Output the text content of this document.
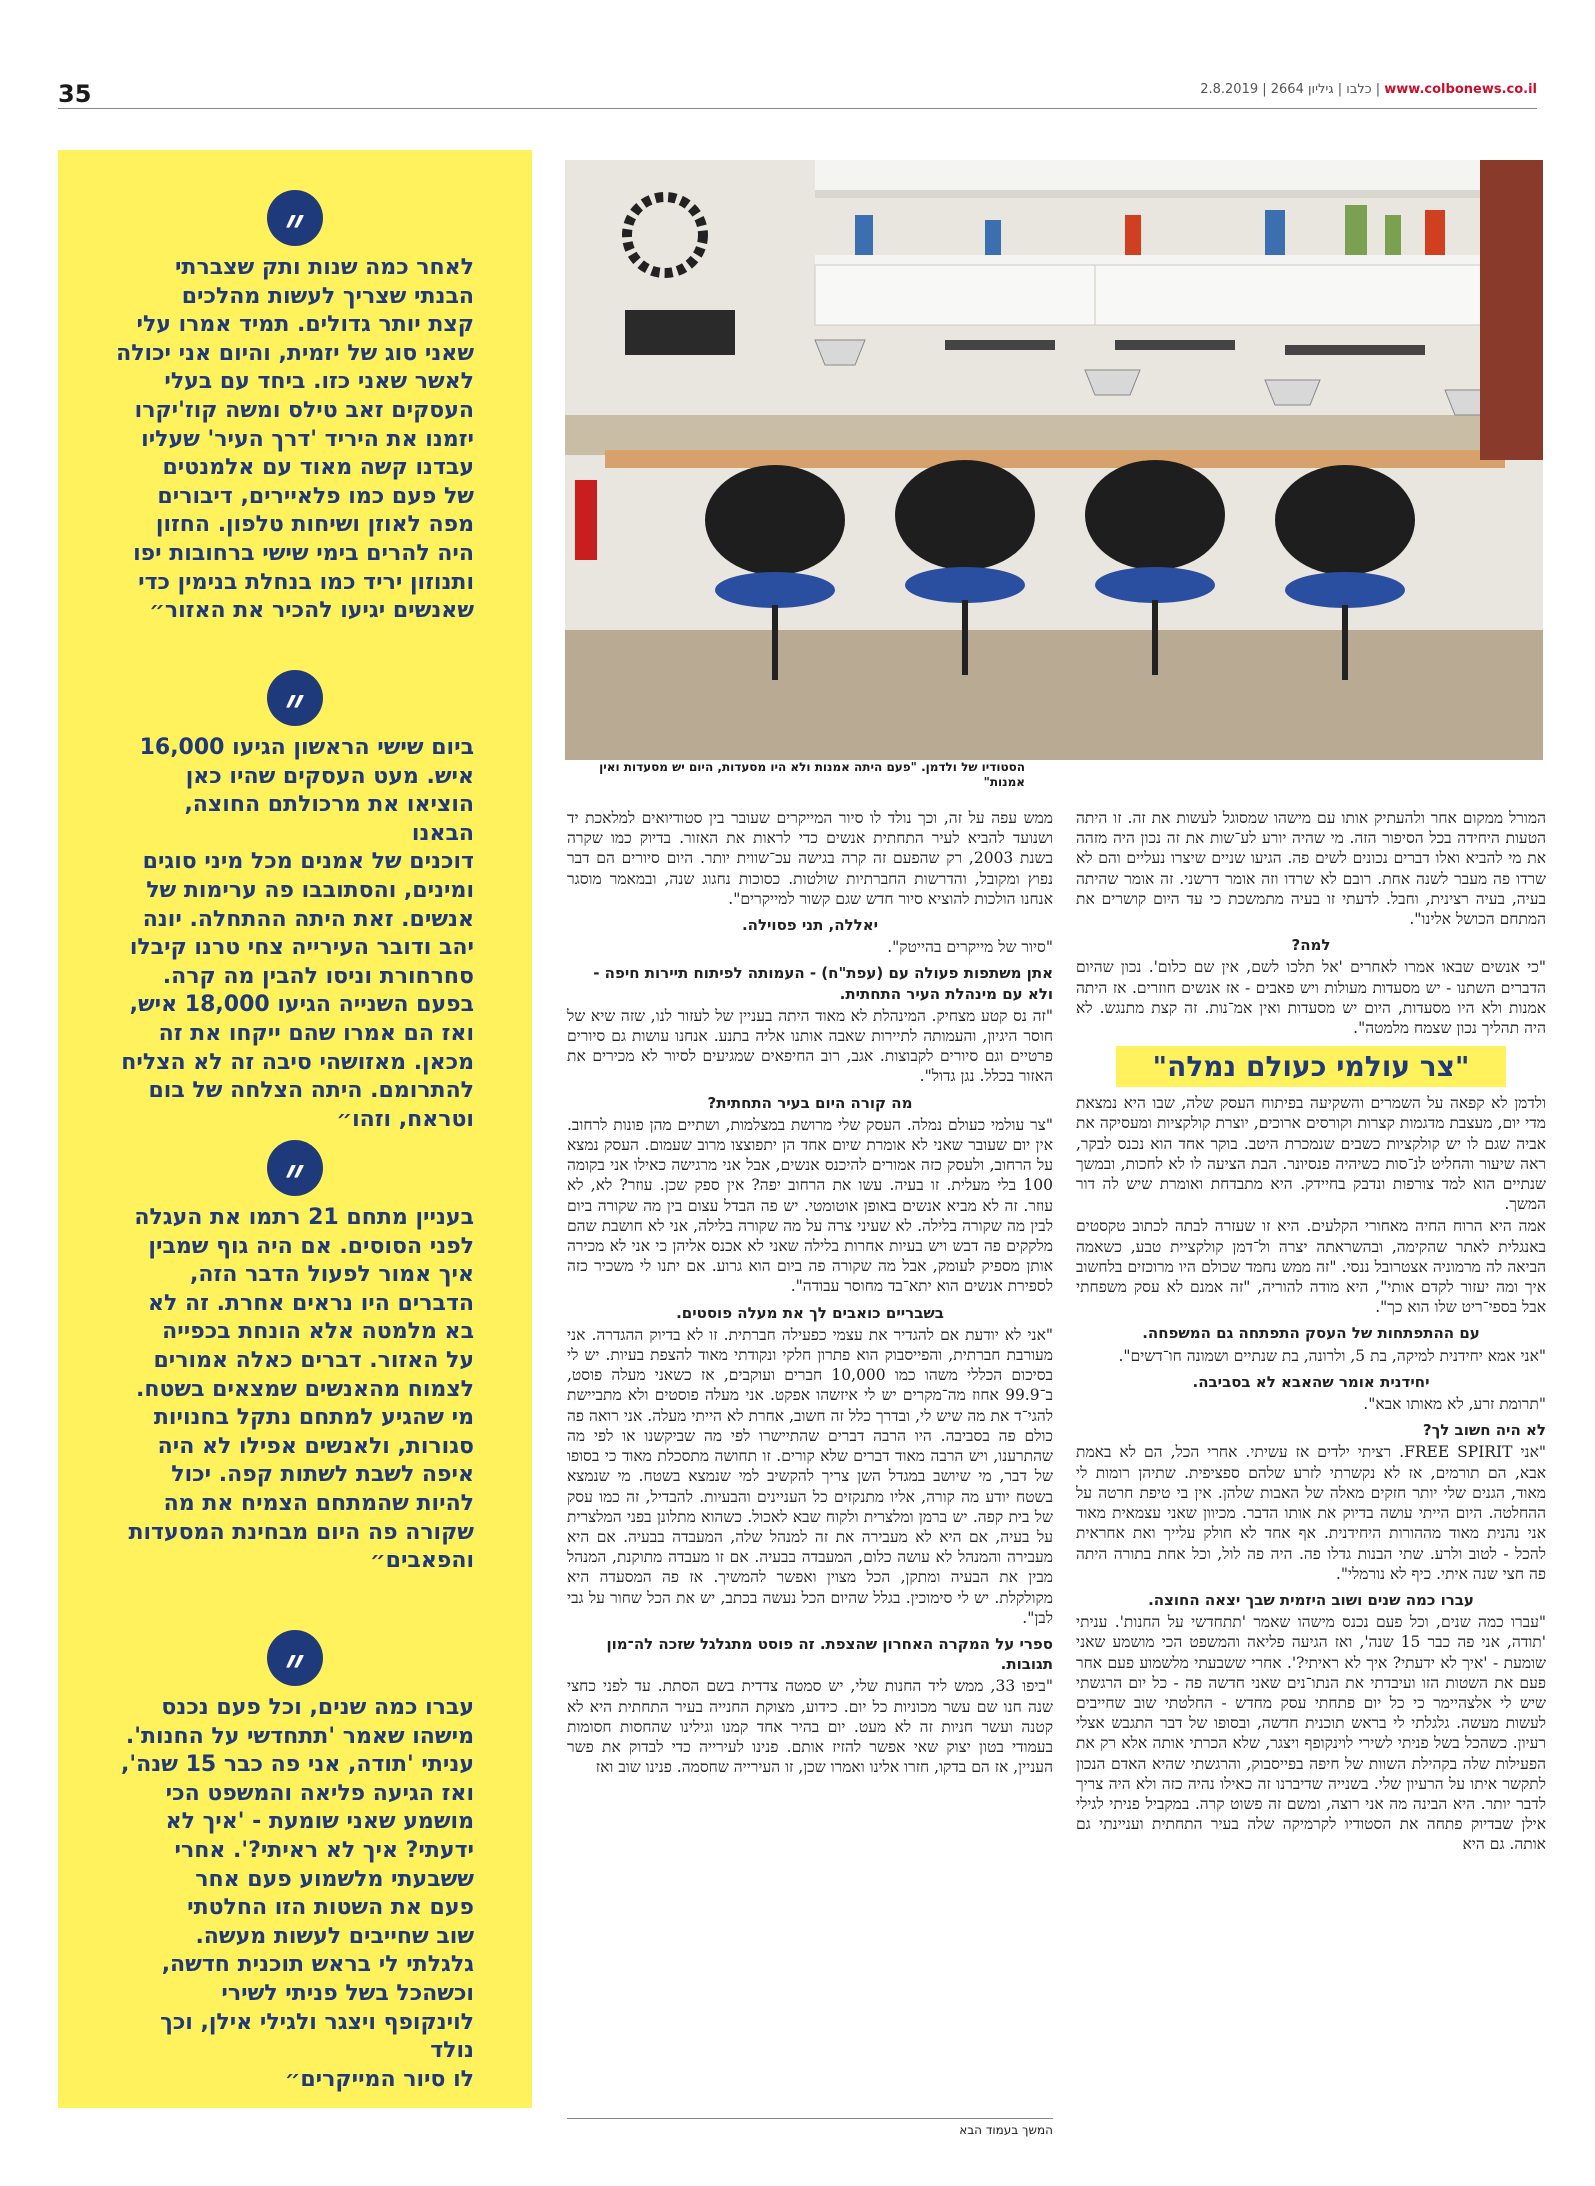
35	www.colbonews.co.il | כלבו | גיליון 2664 | 2.8.2019
״
לאחר כמה שנות ותק שצברתי
הבנתי שצריך לעשות מהלכים
קצת יותר גדולים. תמיד אמרו עלי
שאני סוג של יזמית, והיום אני יכולה
לאשר שאני כזו. ביחד עם בעלי
העסקים זאב טילס ומשה קוז'יקרו
יזמנו את היריד 'דרך העיר' שעליו
עבדנו קשה מאוד עם אלמנטים
של פעם כמו פלאיירים, דיבורים
מפה לאוזן ושיחות טלפון. החזון
היה להרים בימי שישי ברחובות יפו
ותנוזון יריד כמו בנחלת בנימין כדי
שאנשים יגיעו להכיר את האזור״
״
ביום שישי הראשון הגיעו 16,000
איש. מעט העסקים שהיו כאן
הוציאו את מרכולתם החוצה, הבאנו
דוכנים של אמנים מכל מיני סוגים
ומינים, והסתובבו פה ערימות של
אנשים. זאת היתה ההתחלה. יונה
יהב ודובר העירייה צחי טרנו קיבלו
סחרחורת וניסו להבין מה קרה.
בפעם השנייה הגיעו 18,000 איש,
ואז הם אמרו שהם ייקחו את זה
מכאן. מאזושהי סיבה זה לא הצליח
להתרומם. היתה הצלחה של בום
וטראח, וזהו״
״
בעניין מתחם 21 רתמו את העגלה
לפני הסוסים. אם היה גוף שמבין
איך אמור לפעול הדבר הזה,
הדברים היו נראים אחרת. זה לא
בא מלמטה אלא הונחת בכפייה
על האזור. דברים כאלה אמורים
לצמוח מהאנשים שמצאים בשטח.
מי שהגיע למתחם נתקל בחנויות
סגורות, ולאנשים אפילו לא היה
איפה לשבת לשתות קפה. יכול
להיות שהמתחם הצמיח את מה
שקורה פה היום מבחינת המסעדות
והפאבים״
״
עברו כמה שנים, וכל פעם נכנס
מישהו שאמר 'תתחדשי על החנות'.
עניתי 'תודה, אני פה כבר 15 שנה',
ואז הגיעה פליאה והמשפט הכי
מושמע שאני שומעת - 'איך לא
ידעתי? איך לא ראיתי?'. אחרי
ששבעתי מלשמוע פעם אחר
פעם את השטות הזו החלטתי
שוב שחייבים לעשות מעשה.
גלגלתי לי בראש תוכנית חדשה,
וכשהכל בשל פניתי לשירי
לוינקופף ויצגר ולגילי אילן, וכך נולד
לו סיור המייקרים״
הסטודיו של ולדמן. "פעם היתה אמנות ולא היו מסעדות, היום יש מסעדות ואין אמנות"

המורל ממקום אחר ולהעתיק אותו עם מישהו שמסוגל לעשות את זה. זו היתה הטעות היחידה בכל הסיפור הזה. מי שהיה יורע לע־שות את זה נכון היה מזהה את מי להביא ואלו דברים נכונים לשים פה. הגיעו שניים שיצרו נעליים והם לא שרדו פה מעבר לשנה אחת. רובם לא שרדו וזה אומר דרשני. זה אומר שהיתה בעיה, בעיה רצינית, וחבל. לדעתי זו בעיה מתמשכת כי עד היום קושרים את המתחם הכושל אלינו".

למה?

"כי אנשים שבאו אמרו לאחרים 'אל תלכו לשם, אין שם כלום'. נכון שהיום הדברים השתנו - יש מסעדות מעולות ויש פאבים - אז אנשים חוזרים. אז היתה אמנות ולא היו מסעדות, היום יש מסעדות ואין אמ־נות. זה קצת מתנגש. לא היה תהליך נכון שצמח מלמטה".

"צר עולמי כעולם נמלה"

ולדמן לא קפאה על השמרים והשקיעה בפיתוח העסק שלה, שבו היא נמצאת מדי יום, מעצבת מדגמות קצרות וקורסים ארוכים, יוצרת קולקציות ומעסיקה את אביה שגם לו יש קולקציות כשבים שנמכרת היטב. בוקר אחד הוא נכנס לבקר, ראה שיעור והחליט לנ־סות כשיהיה פנסיונר. הבת הציעה לו לא לחכות, ובמשך שנתיים הוא למד צורפות ונדבק בחיידק. היא מתבדחת ואומרת שיש לה דור המשך.

אמה היא הרוח החיה מאחורי הקלעים. היא זו שעזרה לבתה לכתוב טקסטים באנגלית לאתר שהקימה, ובהשראתה יצרה ול־דמן קולקציית טבע, כשאמה הביאה לה מרמוניה אצטרובל ננסי. "זה ממש נחמד שכולם היו מרוכזים בלחשוב איך ומה יעזור לקדם אותי", היא מודה להוריה, "זה אמנם לא עסק משפחתי אבל בספי־ריט שלו הוא כך".

עם ההתפתחות של העסק התפתחה גם המשפחה.

"אני אמא יחידנית למיקה, בת 5, ולרונה, בת שנתיים ושמונה חו־דשים".

יחידנית אומר שהאבא לא בסביבה.

"תרומת זרע, לא מאותו אבא".

לא היה חשוב לך?

"אני FREE SPIRIT. רציתי ילדים אז עשיתי. אחרי הכל, הם לא באמת אבא, הם תורמים, אז לא נקשרתי לזרע שלהם ספציפית. שתיהן רומות לי מאוד, הגנים שלי יותר חזקים מאלה של האבות שלהן. אין בי טיפת חרטה על ההחלטה. היום הייתי עושה בדיוק את אותו הדבר. מכיוון שאני עצמאית מאוד אני נהנית מאוד מההורות היחידנית. אף אחד לא חולק עלייך ואת אחראית להכל - לטוב ולרע. שתי הבנות גדלו פה. היה פה לול, וכל אחת בתורה היתה פה חצי שנה איתי. כיף לא נורמלי".

עברו כמה שנים ושוב היזמית שבך יצאה החוצה.

"עברו כמה שנים, וכל פעם נכנס מישהו שאמר 'תתחדשי על החנות'. עניתי 'תודה, אני פה כבר 15 שנה', ואז הגיעה פליאה והמשפט הכי מושמע שאני שומעת - 'איך לא ידעתי? איך לא ראיתי?'. אחרי ששבעתי מלשמוע פעם אחר פעם את השטות הזו ועיבדתי את הנתו־נים שאני חדשה פה - כל יום הרגשתי שיש לי אלצהיימר כי כל יום פתחתי עסק מחדש - החלטתי שוב שחייבים לעשות מעשה. גלגלתי לי בראש תוכנית חדשה, ובסופו של דבר התגבש אצלי רעיון. כשהכל בשל פניתי לשירי לוינקופף ויצגר, שלא הכרתי אותה אלא רק את הפעילות שלה בקהילת השוות של חיפה בפייסבוק, והרגשתי שהיא האדם הנכון לתקשר איתו על הרעיון שלי. בשנייה שדיברנו זה כאילו נהיה כזה ולא היה צריך לדבר יותר. היא הבינה מה אני רוצה, ומשם זה פשוט קרה. במקביל פניתי לגילי אילן שבדיוק פתחה את הסטודיו לקרמיקה שלה בעיר התחתית ועניינתי גם אותה. גם היא

ממש עפה על זה, וכך נולד לו סיור המייקרים שעובר בין סטודיואים למלאכת יד ושנועד להביא לעיר התחתית אנשים כדי לראות את האזור. בדיוק כמו שקרה בשנת 2003, רק שהפעם זה קרה בגישה עכ־שווית יותר. היום סיורים הם דבר נפוץ ומקובל, והדרשות החברתיות שולטות. כסוכות נחגוג שנה, ובמאמר מוסגר אנחנו הולכות להוציא סיור חדש שגם קשור למייקרים".

יאללה, תני פסוילה.

"סיור של מייקרים בהייטק".

אתן משתפות פעולה עם (עפת"ח) - העמותה לפיתוח תיירות חיפה - ולא עם מינהלת העיר התחתית.

"זה נס קטע מצחיק. המינהלת לא מאוד היתה בעניין של לעזור לנו, שזה שיא של חוסר היגיון, והעמותה לתיירות שאבה אותנו אליה בתנע. אנחנו עושות גם סיורים פרטיים וגם סיורים לקבוצות. אגב, רוב החיפאים שמגיעים לסיור לא מכירים את האזור בכלל. נגן גדול".

מה קורה היום בעיר התחתית?

"צר עולמי כעולם נמלה. העסק שלי מרושת במצלמות, ושתיים מהן פונות לרחוב. אין יום שעובר שאני לא אומרת שיום אחד הן יתפוצצו מרוב שעמום. העסק נמצא על הרחוב, ולעסק כזה אמורים להיכנס אנשים, אבל אני מרגישה כאילו אני בקומה 100 בלי מעלית. זו בעיה. עשו את הרחוב יפה? אין ספק שכן. עוזר? לא, לא עוזר. זה לא מביא אנשים באופן אוטומטי. יש פה הבדל עצום בין מה שקורה ביום לבין מה שקורה בלילה. לא שעיני צרה על מה שקורה בלילה, אני לא חושבת שהם מלקקים פה דבש ויש בעיות אחרות בלילה שאני לא אכנס אליהן כי אני לא מכירה אותן מספיק לעומק, אבל מה שקורה פה ביום הוא גרוע. אם יתנו לי משכיר כזה לספירת אנשים הוא יתא־בד מחוסר עבודה".

בשבריים כואבים לך את מעלה פוסטים.

"אני לא יודעת אם להגדיר את עצמי כפעילה חברתית. זו לא בדיוק ההגדרה. אני מעורבת חברתית, והפייסבוק הוא פתרון חלקי ונקודתי מאוד להצפת בעיות. יש לי בסיכום הכללי משהו כמו 10,000 חברים ועוקבים, אז כשאני מעלה פוסט, ב־99.9 אחוז מה־מקרים יש לי איזשהו אפקט. אני מעלה פוסטים ולא מתביישת להגי־ד את מה שיש לי, ובדרך כלל זה חשוב, אחרת לא הייתי מעלה. אני רואה פה כולם פה בסביבה. היו הרבה דברים שהתיישרו לפי מה שביקשנו או לפי מה שהתרענו, ויש הרבה מאוד דברים שלא קורים. זו תחושה מתסכלת מאוד כי בסופו של דבר, מי שיושב במגדל השן צריך להקשיב למי שנמצא בשטח. מי שנמצא בשטח יודע מה קורה, אליו מתנקזים כל העניינים והבעיות. להבדיל, זה כמו עסק של בית קפה. יש ברמן ומלצרית ולקוח שבא לאכול. כשהוא מתלונן בפני המלצרית על בעיה, אם היא לא מעבירה את זה למנהל שלה, המעבדה בבעיה. אם היא מעבירה והמנהל לא עושה כלום, המעבדה בבעיה. אם זו מעבדה מתוקנת, המנהל מבין את הבעיה ומתקן, הכל מצוין ואפשר להמשיך. אז פה המסעדה היא מקולקלת. יש לי סימוכין. בגלל שהיום הכל נעשה בכתב, יש את הכל שחור על גבי לבן".

ספרי על המקרה האחרון שהצפת. זה פוסט מתגלגל שזכה לה־מון תגובות.

"ביפו 33, ממש ליד החנות שלי, יש סמטה צדדית בשם הסתת. עד לפני כחצי שנה חנו שם עשר מכוניות כל יום. כידוע, מצוקת החנייה בעיר התחתית היא לא קטנה ועשר חניות זה לא מעט. יום בהיר אחד קמנו וגילינו שהחסות חסומות בעמודי בטון יצוק שאי אפשר להזיז אותם. פנינו לעירייה כדי לבדוק את פשר העניין, אז הם בדקו, חזרו אלינו ואמרו שכן, זו העירייה שחסמה. פנינו שוב ואז

המשך בעמוד הבא
